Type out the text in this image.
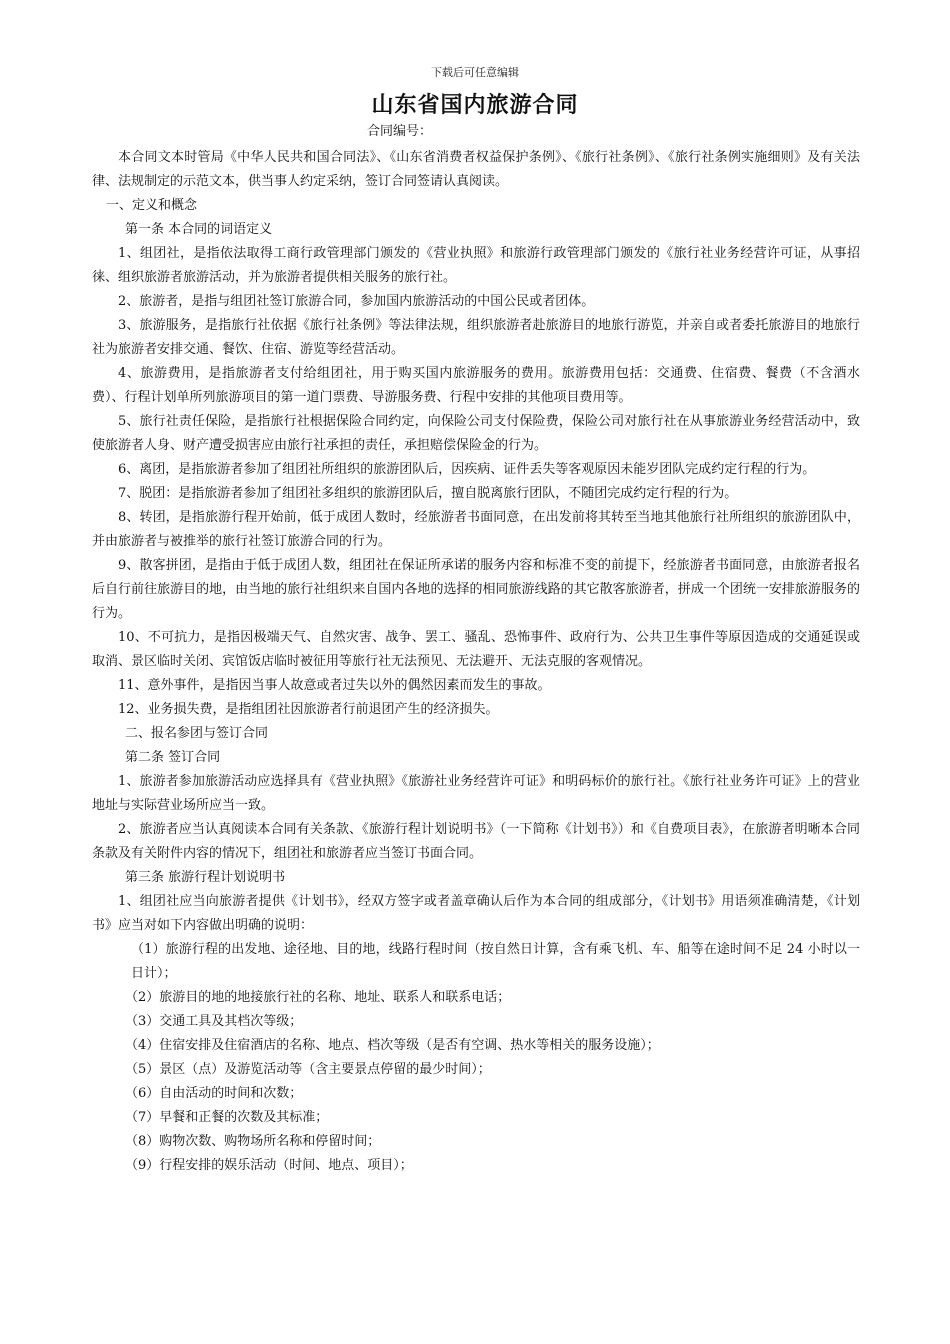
下载后可任意编辑
山东省国内旅游合同
合同编号：

本合同文本时管局《中华人民共和国合同法》、《山东省消费者权益保护条例》、《旅行社条例》、《旅行社条例实施细则》及有关法律、法规制定的示范文本，供当事人约定采纳，签订合同签请认真阅读。

一、定义和概念

第一条 本合同的词语定义

1、组团社，是指依法取得工商行政管理部门颁发的《营业执照》和旅游行政管理部门颁发的《旅行社业务经营许可证，从事招徕、组织旅游者旅游活动，并为旅游者提供相关服务的旅行社。

2、旅游者，是指与组团社签订旅游合同，参加国内旅游活动的中国公民或者团体。

3、旅游服务，是指旅行社依据《旅行社条例》等法律法规，组织旅游者赴旅游目的地旅行游览，并亲自或者委托旅游目的地旅行社为旅游者安排交通、餐饮、住宿、游览等经营活动。

4、旅游费用，是指旅游者支付给组团社，用于购买国内旅游服务的费用。旅游费用包括：交通费、住宿费、餐费（不含酒水费）、行程计划单所列旅游项目的第一道门票费、导游服务费、行程中安排的其他项目费用等。

5、旅行社责任保险，是指旅行社根据保险合同约定，向保险公司支付保险费，保险公司对旅行社在从事旅游业务经营活动中，致使旅游者人身、财产遭受损害应由旅行社承担的责任，承担赔偿保险金的行为。

6、离团，是指旅游者参加了组团社所组织的旅游团队后，因疾病、证件丢失等客观原因未能岁团队完成约定行程的行为。

7、脱团：是指旅游者参加了组团社多组织的旅游团队后，擅自脱离旅行团队，不随团完成约定行程的行为。

8、转团，是指旅游行程开始前，低于成团人数时，经旅游者书面同意，在出发前将其转至当地其他旅行社所组织的旅游团队中，并由旅游者与被推举的旅行社签订旅游合同的行为。

9、散客拼团，是指由于低于成团人数，组团社在保证所承诺的服务内容和标准不变的前提下，经旅游者书面同意，由旅游者报名后自行前往旅游目的地，由当地的旅行社组织来自国内各地的选择的相同旅游线路的其它散客旅游者，拼成一个团统一安排旅游服务的行为。

10、不可抗力，是指因极端天气、自然灾害、战争、罢工、骚乱、恐怖事件、政府行为、公共卫生事件等原因造成的交通延误或取消、景区临时关闭、宾馆饭店临时被征用等旅行社无法预见、无法避开、无法克服的客观情况。

11、意外事件，是指因当事人故意或者过失以外的偶然因素而发生的事故。

12、业务损失费，是指组团社因旅游者行前退团产生的经济损失。

二、报名参团与签订合同

第二条 签订合同

1、旅游者参加旅游活动应选择具有《营业执照》《旅游社业务经营许可证》和明码标价的旅行社。《旅行社业务许可证》上的营业地址与实际营业场所应当一致。

2、旅游者应当认真阅读本合同有关条款、《旅游行程计划说明书》（一下简称《计划书》）和《自费项目表》，在旅游者明晰本合同条款及有关附件内容的情况下，组团社和旅游者应当签订书面合同。

第三条 旅游行程计划说明书

1、组团社应当向旅游者提供《计划书》，经双方签字或者盖章确认后作为本合同的组成部分，《计划书》用语须准确清楚，《计划书》应当对如下内容做出明确的说明：

（1）旅游行程的出发地、途径地、目的地，线路行程时间（按自然日计算，含有乘飞机、车、船等在途时间不足 24 小时以一日计）；

（2）旅游目的地的地接旅行社的名称、地址、联系人和联系电话；

（3）交通工具及其档次等级；

（4）住宿安排及住宿酒店的名称、地点、档次等级（是否有空调、热水等相关的服务设施）；

（5）景区（点）及游览活动等（含主要景点停留的最少时间）；

（6）自由活动的时间和次数；

（7）早餐和正餐的次数及其标准；

（8）购物次数、购物场所名称和停留时间；

（9）行程安排的娱乐活动（时间、地点、项目）；
